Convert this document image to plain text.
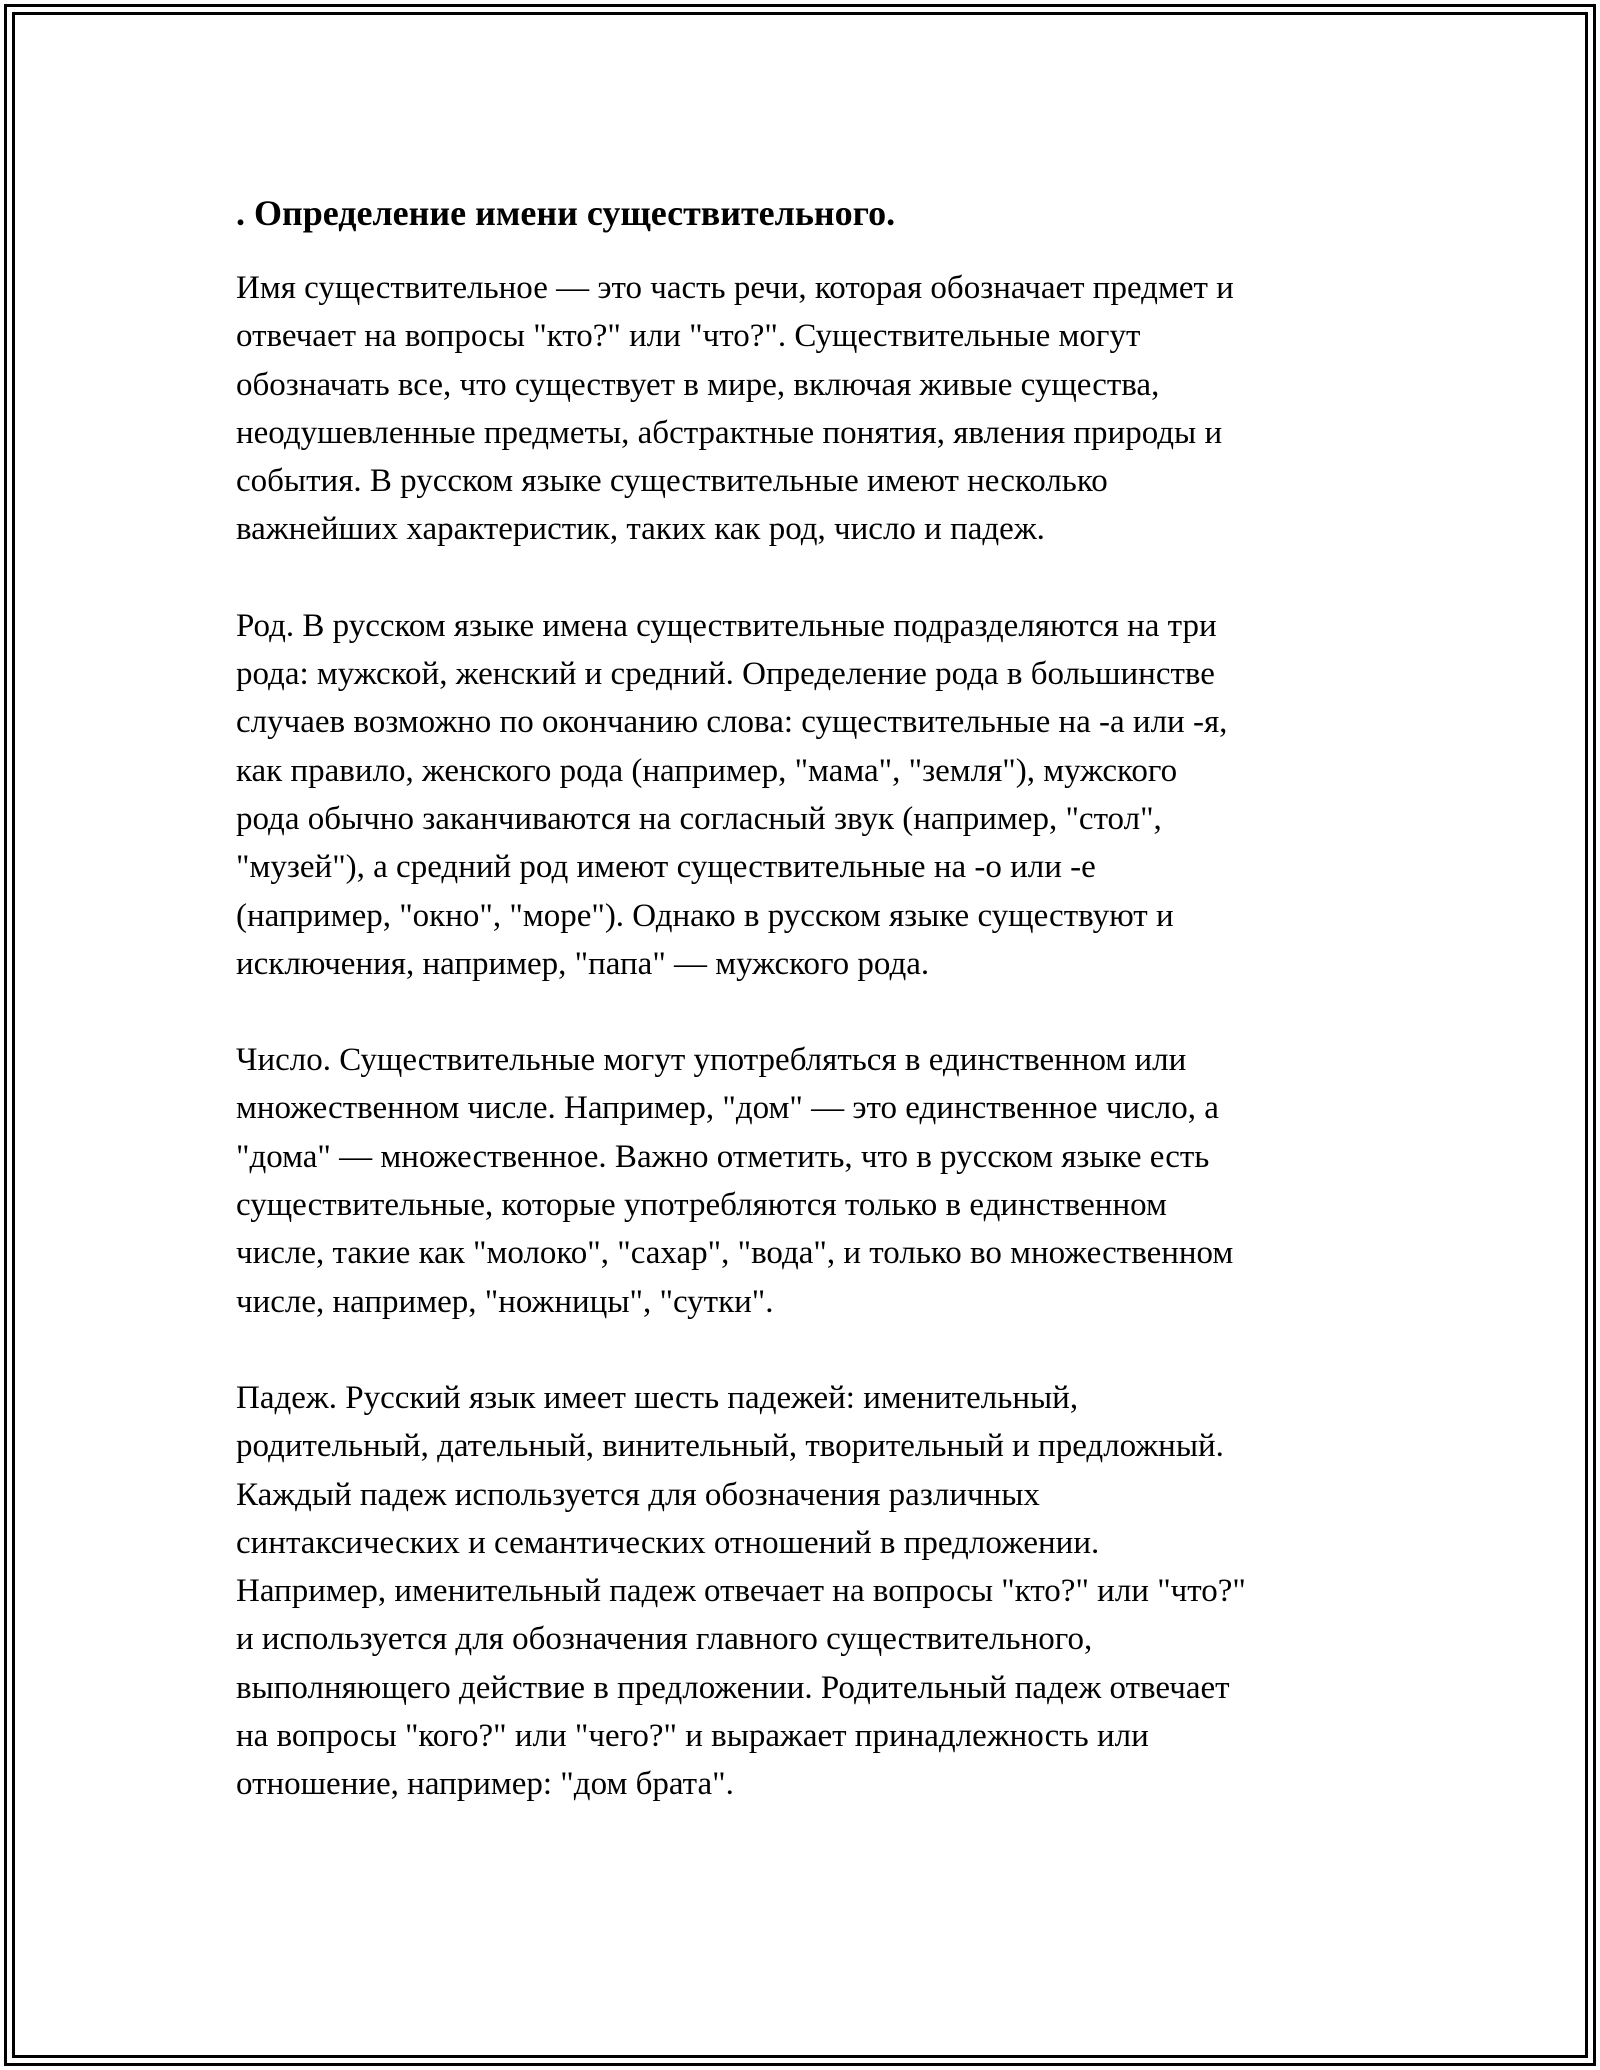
. Определение имени существительного.

Имя существительное — это часть речи, которая обозначает предмет и
отвечает на вопросы "кто?" или "что?". Существительные могут
обозначать все, что существует в мире, включая живые существа,
неодушевленные предметы, абстрактные понятия, явления природы и
события. В русском языке существительные имеют несколько
важнейших характеристик, таких как род, число и падеж.

Род. В русском языке имена существительные подразделяются на три
рода: мужской, женский и средний. Определение рода в большинстве
случаев возможно по окончанию слова: существительные на -а или -я,
как правило, женского рода (например, "мама", "земля"), мужского
рода обычно заканчиваются на согласный звук (например, "стол",
"музей"), а средний род имеют существительные на -о или -е
(например, "окно", "море"). Однако в русском языке существуют и
исключения, например, "папа" — мужского рода.

Число. Существительные могут употребляться в единственном или
множественном числе. Например, "дом" — это единственное число, а
"дома" — множественное. Важно отметить, что в русском языке есть
существительные, которые употребляются только в единственном
числе, такие как "молоко", "сахар", "вода", и только во множественном
числе, например, "ножницы", "сутки".

Падеж. Русский язык имеет шесть падежей: именительный,
родительный, дательный, винительный, творительный и предложный.
Каждый падеж используется для обозначения различных
синтаксических и семантических отношений в предложении.
Например, именительный падеж отвечает на вопросы "кто?" или "что?"
и используется для обозначения главного существительного,
выполняющего действие в предложении. Родительный падеж отвечает
на вопросы "кого?" или "чего?" и выражает принадлежность или
отношение, например: "дом брата".
